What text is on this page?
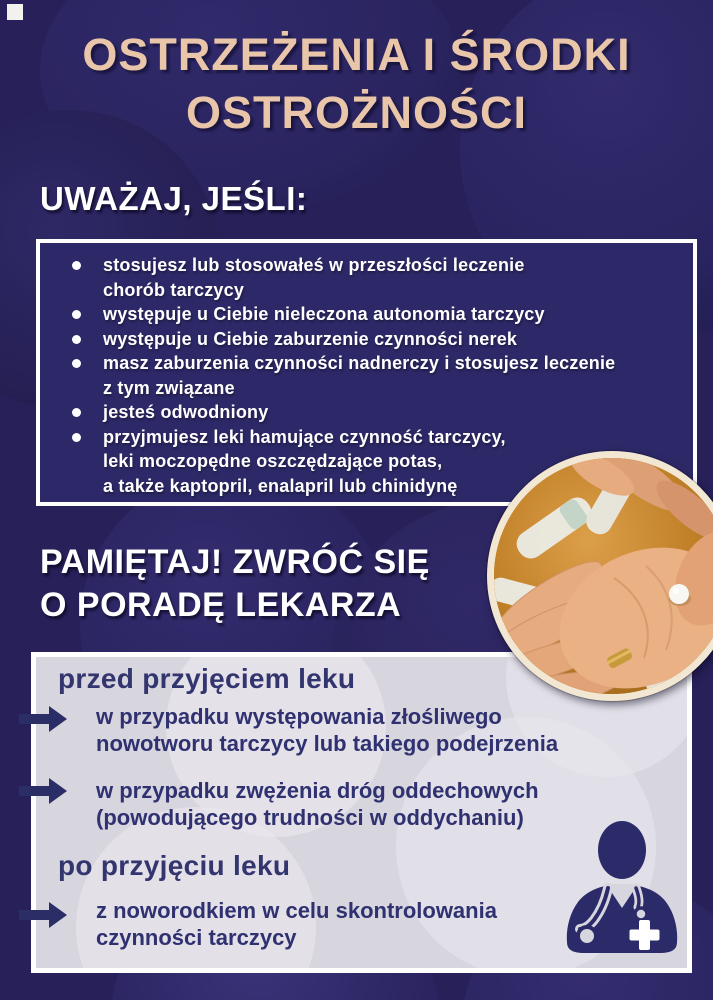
OSTRZEŻENIA I ŚRODKI
OSTROŻNOŚCI
UWAŻAJ, JEŚLI:
stosujesz lub stosowałeś w przeszłości leczenie
chorób tarczycy
występuje u Ciebie nieleczona autonomia tarczycy
występuje u Ciebie zaburzenie czynności nerek
masz zaburzenia czynności nadnerczy i stosujesz leczenie
z tym związane
jesteś odwodniony
przyjmujesz leki hamujące czynność tarczycy,
leki moczopędne oszczędzające potas,
a także kaptopril, enalapril lub chinidynę
PAMIĘTAJ! ZWRÓĆ SIĘ
O PORADĘ LEKARZA
przed przyjęciem leku
w przypadku występowania złośliwego
nowotworu tarczycy lub takiego podejrzenia
w przypadku zwężenia dróg oddechowych
(powodującego trudności w oddychaniu)
po przyjęciu leku
z noworodkiem w celu skontrolowania
czynności tarczycy
